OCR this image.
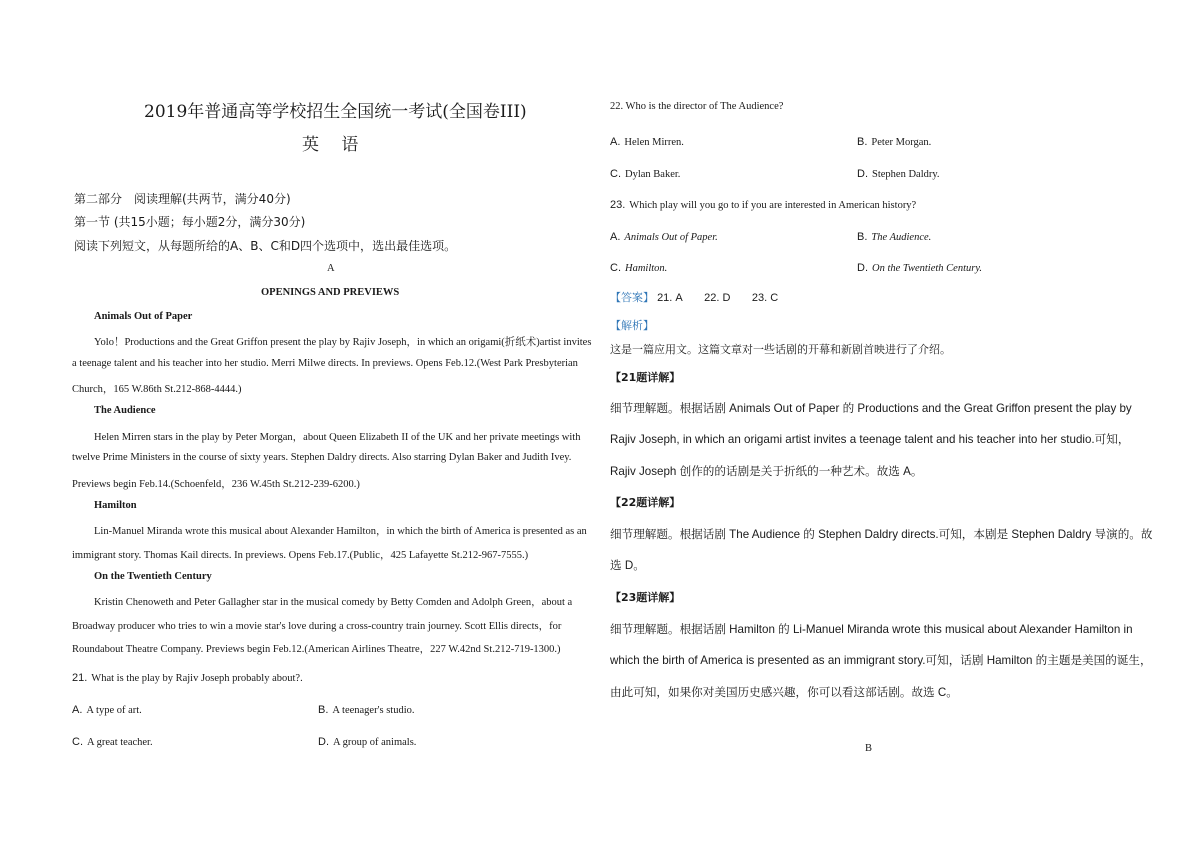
2019年普通高等学校招生全国统一考试(全国卷III)
英　 语
第二部分　阅读理解(共两节，满分40分)
第一节 (共15小题；每小题2分，满分30分)
阅读下列短文，从每题所给的A、B、C和D四个选项中，选出最佳选项。
A
OPENINGS AND PREVIEWS
Animals Out of Paper
Yolo！Productions and the Great Griffon present the play by Rajiv Joseph，in which an origami(折纸术)artist invites
a teenage talent and his teacher into her studio. Merri Milwe directs. In previews. Opens Feb.12.(West Park Presbyterian
Church，165 W.86th St.212-868-4444.)
The Audience
Helen Mirren stars in the play by Peter Morgan，about Queen Elizabeth II of the UK and her private meetings with
twelve Prime Ministers in the course of sixty years. Stephen Daldry directs. Also starring Dylan Baker and Judith Ivey.
Previews begin Feb.14.(Schoenfeld，236 W.45th St.212-239-6200.)
Hamilton
Lin-Manuel Miranda wrote this musical about Alexander Hamilton，in which the birth of America is presented as an
immigrant story. Thomas Kail directs. In previews. Opens Feb.17.(Public，425 Lafayette St.212-967-7555.)
On the Twentieth Century
Kristin Chenoweth and Peter Gallagher star in the musical comedy by Betty Comden and Adolph Green，about a
Broadway producer who tries to win a movie star's love during a cross-country train journey. Scott Ellis directs，for
Roundabout Theatre Company. Previews begin Feb.12.(American Airlines Theatre，227 W.42nd St.212-719-1300.)
21. What is the play by Rajiv Joseph probably about?.
A. A type of art.	B. A teenager's studio.
C. A great teacher.	D. A group of animals.
22. Who is the director of The Audience?
A. Helen Mirren.	B. Peter Morgan.
C. Dylan Baker.	D. Stephen Daldry.
23. Which play will you go to if you are interested in American history?
A. Animals Out of Paper.	B. The Audience.
C. Hamilton.	D. On the Twentieth Century.
【答案】 21. A 22. D 23. C
【解析】
这是一篇应用文。这篇文章对一些话剧的开幕和新剧首映进行了介绍。
【21题详解】
细节理解题。根据话剧 Animals Out of Paper 的 Productions and the Great Griffon present the play by
Rajiv Joseph, in which an origami artist invites a teenage talent and his teacher into her studio.可知，
Rajiv Joseph 创作的的话剧是关于折纸的一种艺术。故选 A。
【22题详解】
细节理解题。根据话剧 The Audience 的 Stephen Daldry directs.可知，本剧是 Stephen Daldry 导演的。故
选 D。
【23题详解】
细节理解题。根据话剧 Hamilton 的 Li-Manuel Miranda wrote this musical about Alexander Hamilton in
which the birth of America is presented as an immigrant story.可知，话剧 Hamilton 的主题是美国的诞生，
由此可知，如果你对美国历史感兴趣，你可以看这部话剧。故选 C。
B
